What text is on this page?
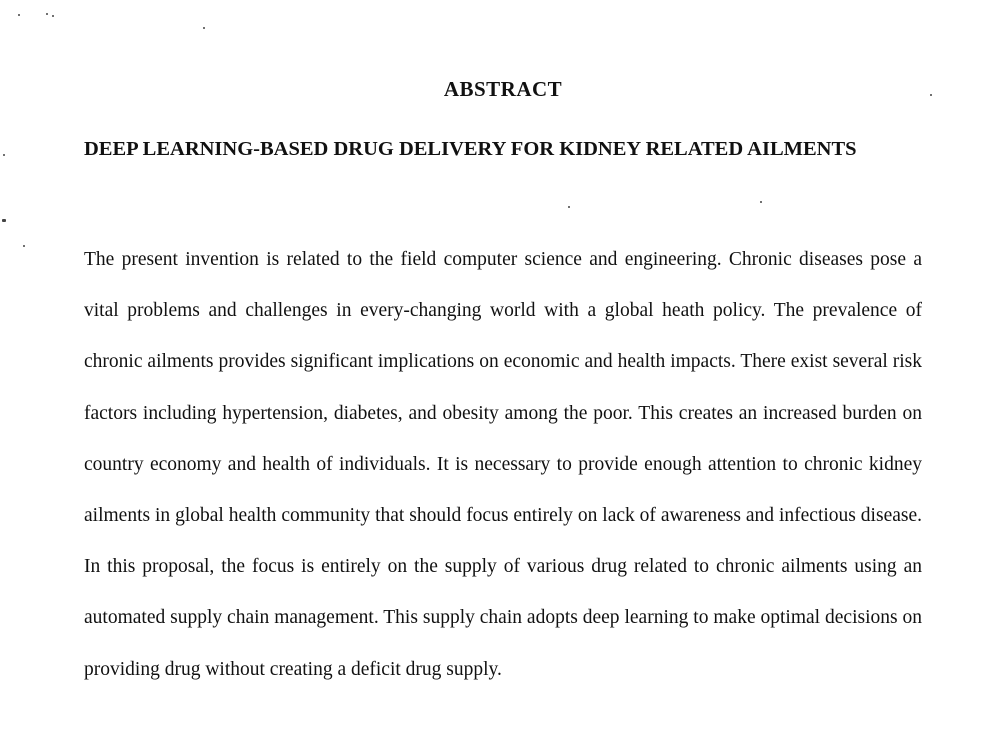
ABSTRACT
DEEP LEARNING-BASED DRUG DELIVERY FOR KIDNEY RELATED AILMENTS

The present invention is related to the field computer science and engineering. Chronic diseases pose a vital problems and challenges in every-changing world with a global heath policy. The prevalence of chronic ailments provides significant implications on economic and health impacts. There exist several risk factors including hypertension, diabetes, and obesity among the poor. This creates an increased burden on country economy and health of individuals. It is necessary to provide enough attention to chronic kidney ailments in global health community that should focus entirely on lack of awareness and infectious disease. In this proposal, the focus is entirely on the supply of various drug related to chronic ailments using an automated supply chain management. This supply chain adopts deep learning to make optimal decisions on providing drug without creating a deficit drug supply.
